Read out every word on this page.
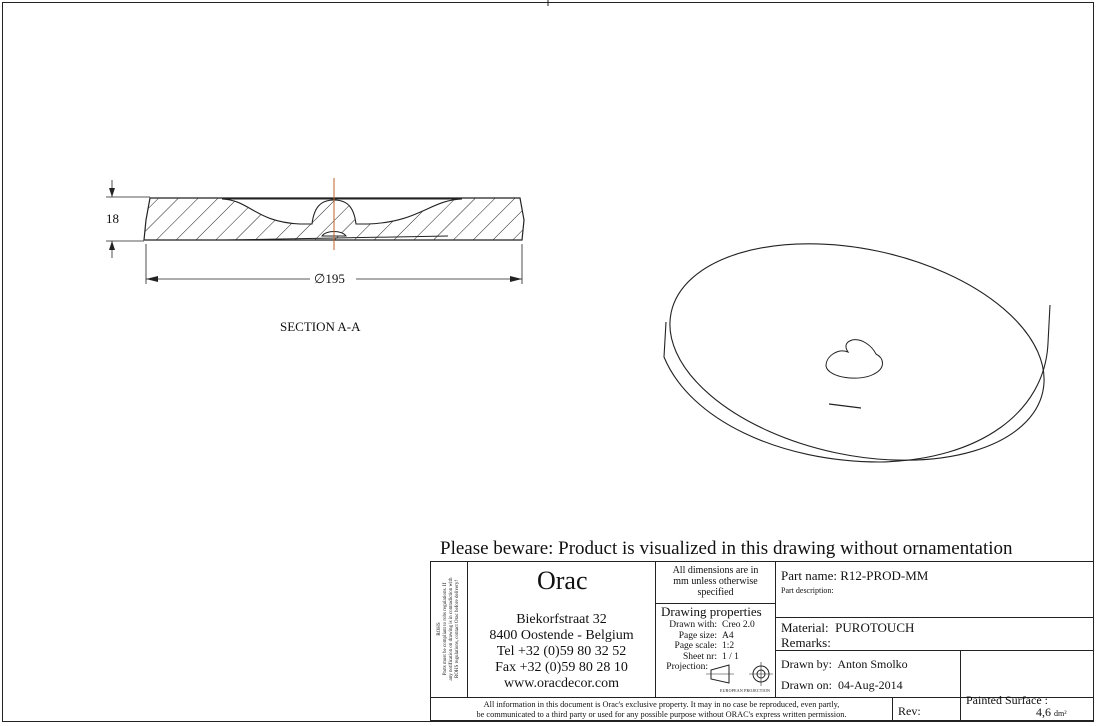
18
∅195
SECTION A-A
Please beware: Product is visualized in this drawing without ornamentation
ROHS Parts must be compliant to rohs regulations. If any notification on drawing is in contradiction with ROHS regulations, contact Orac before delivery!	Orac
Biekorfstraat 32
8400 Oostende - Belgium
Tel +32 (0)59 80 32 52
Fax +32 (0)59 80 28 10
www.oracdecor.com
All dimensions are in
mm unless otherwise
specified
Drawing properties
Drawn with: Creo 2.0
Page size: A4
Page scale: 1:2
Sheet nr: 1 / 1
Projection:
EUROPEAN PROJECTION
Part name: R12-PROD-MM
Part description:
Material: PUROTOUCH
Remarks:
Drawn by: Anton Smolko
Drawn on: 04-Aug-2014
Painted Surface :
4,6 dm²
All information in this document is Orac's exclusive property. It may in no case be reproduced, even partly,
be communicated to a third party or used for any possible purpose without ORAC's express written permission.	Rev:
